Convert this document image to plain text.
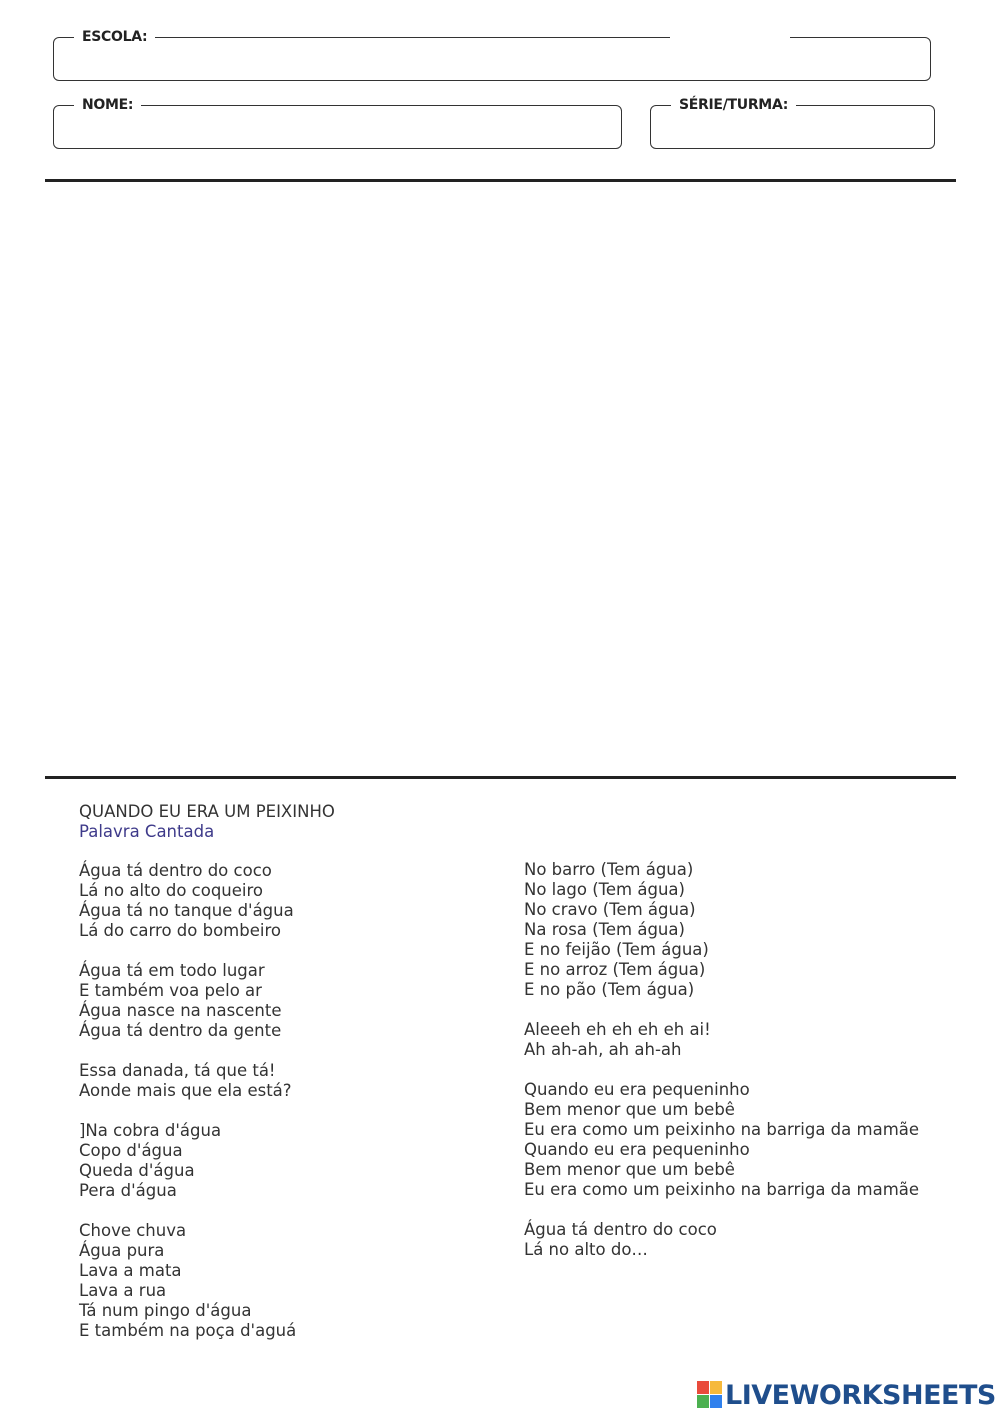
ESCOLA:
NOME:	SÉRIE/TURMA:
QUANDO EU ERA UM PEIXINHO
Palavra Cantada
Água tá dentro do coco
Lá no alto do coqueiro
Água tá no tanque d'água
Lá do carro do bombeiro
Água tá em todo lugar
E também voa pelo ar
Água nasce na nascente
Água tá dentro da gente
Essa danada, tá que tá!
Aonde mais que ela está?
]Na cobra d'água
Copo d'água
Queda d'água
Pera d'água
Chove chuva
Água pura
Lava a mata
Lava a rua
Tá num pingo d'água
E também na poça d'aguá
No barro (Tem água)
No lago (Tem água)
No cravo (Tem água)
Na rosa (Tem água)
E no feijão (Tem água)
E no arroz (Tem água)
E no pão (Tem água)
Aleeeh eh eh eh eh ai!
Ah ah-ah, ah ah-ah
Quando eu era pequeninho
Bem menor que um bebê
Eu era como um peixinho na barriga da mamãe
Quando eu era pequeninho
Bem menor que um bebê
Eu era como um peixinho na barriga da mamãe
Água tá dentro do coco
Lá no alto do…
LIVEWORKSHEETS
